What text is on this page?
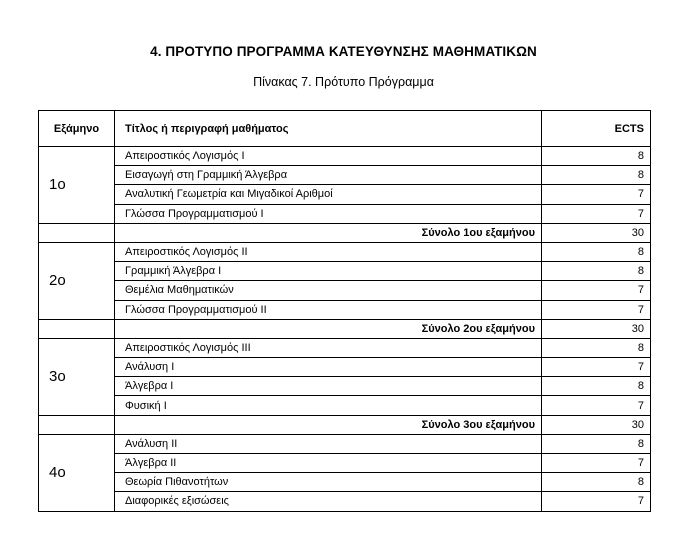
4. ΠΡΟΤΥΠΟ ΠΡΟΓΡΑΜΜΑ ΚΑΤΕΥΘΥΝΣΗΣ ΜΑΘΗΜΑΤΙΚΩΝ
Πίνακας 7. Πρότυπο Πρόγραμμα
Εξάμηνο	Τίτλος ή περιγραφή μαθήματος	ECTS
1ο	Απειροστικός Λογισμός Ι	8
	Εισαγωγή στη Γραμμική Άλγεβρα	8
	Αναλυτική Γεωμετρία και Μιγαδικοί Αριθμοί	7
	Γλώσσα Προγραμματισμού Ι	7
	Σύνολο 1ου εξαμήνου	30
2ο	Απειροστικός Λογισμός ΙΙ	8
	Γραμμική Άλγεβρα Ι	8
	Θεμέλια Μαθηματικών	7
	Γλώσσα Προγραμματισμού ΙΙ	7
	Σύνολο 2ου εξαμήνου	30
3ο	Απειροστικός Λογισμός ΙΙΙ	8
	Ανάλυση Ι	7
	Άλγεβρα Ι	8
	Φυσική Ι	7
	Σύνολο 3ου εξαμήνου	30
4ο	Ανάλυση ΙΙ	8
	Άλγεβρα ΙΙ	7
	Θεωρία Πιθανοτήτων	8
	Διαφορικές εξισώσεις	7
